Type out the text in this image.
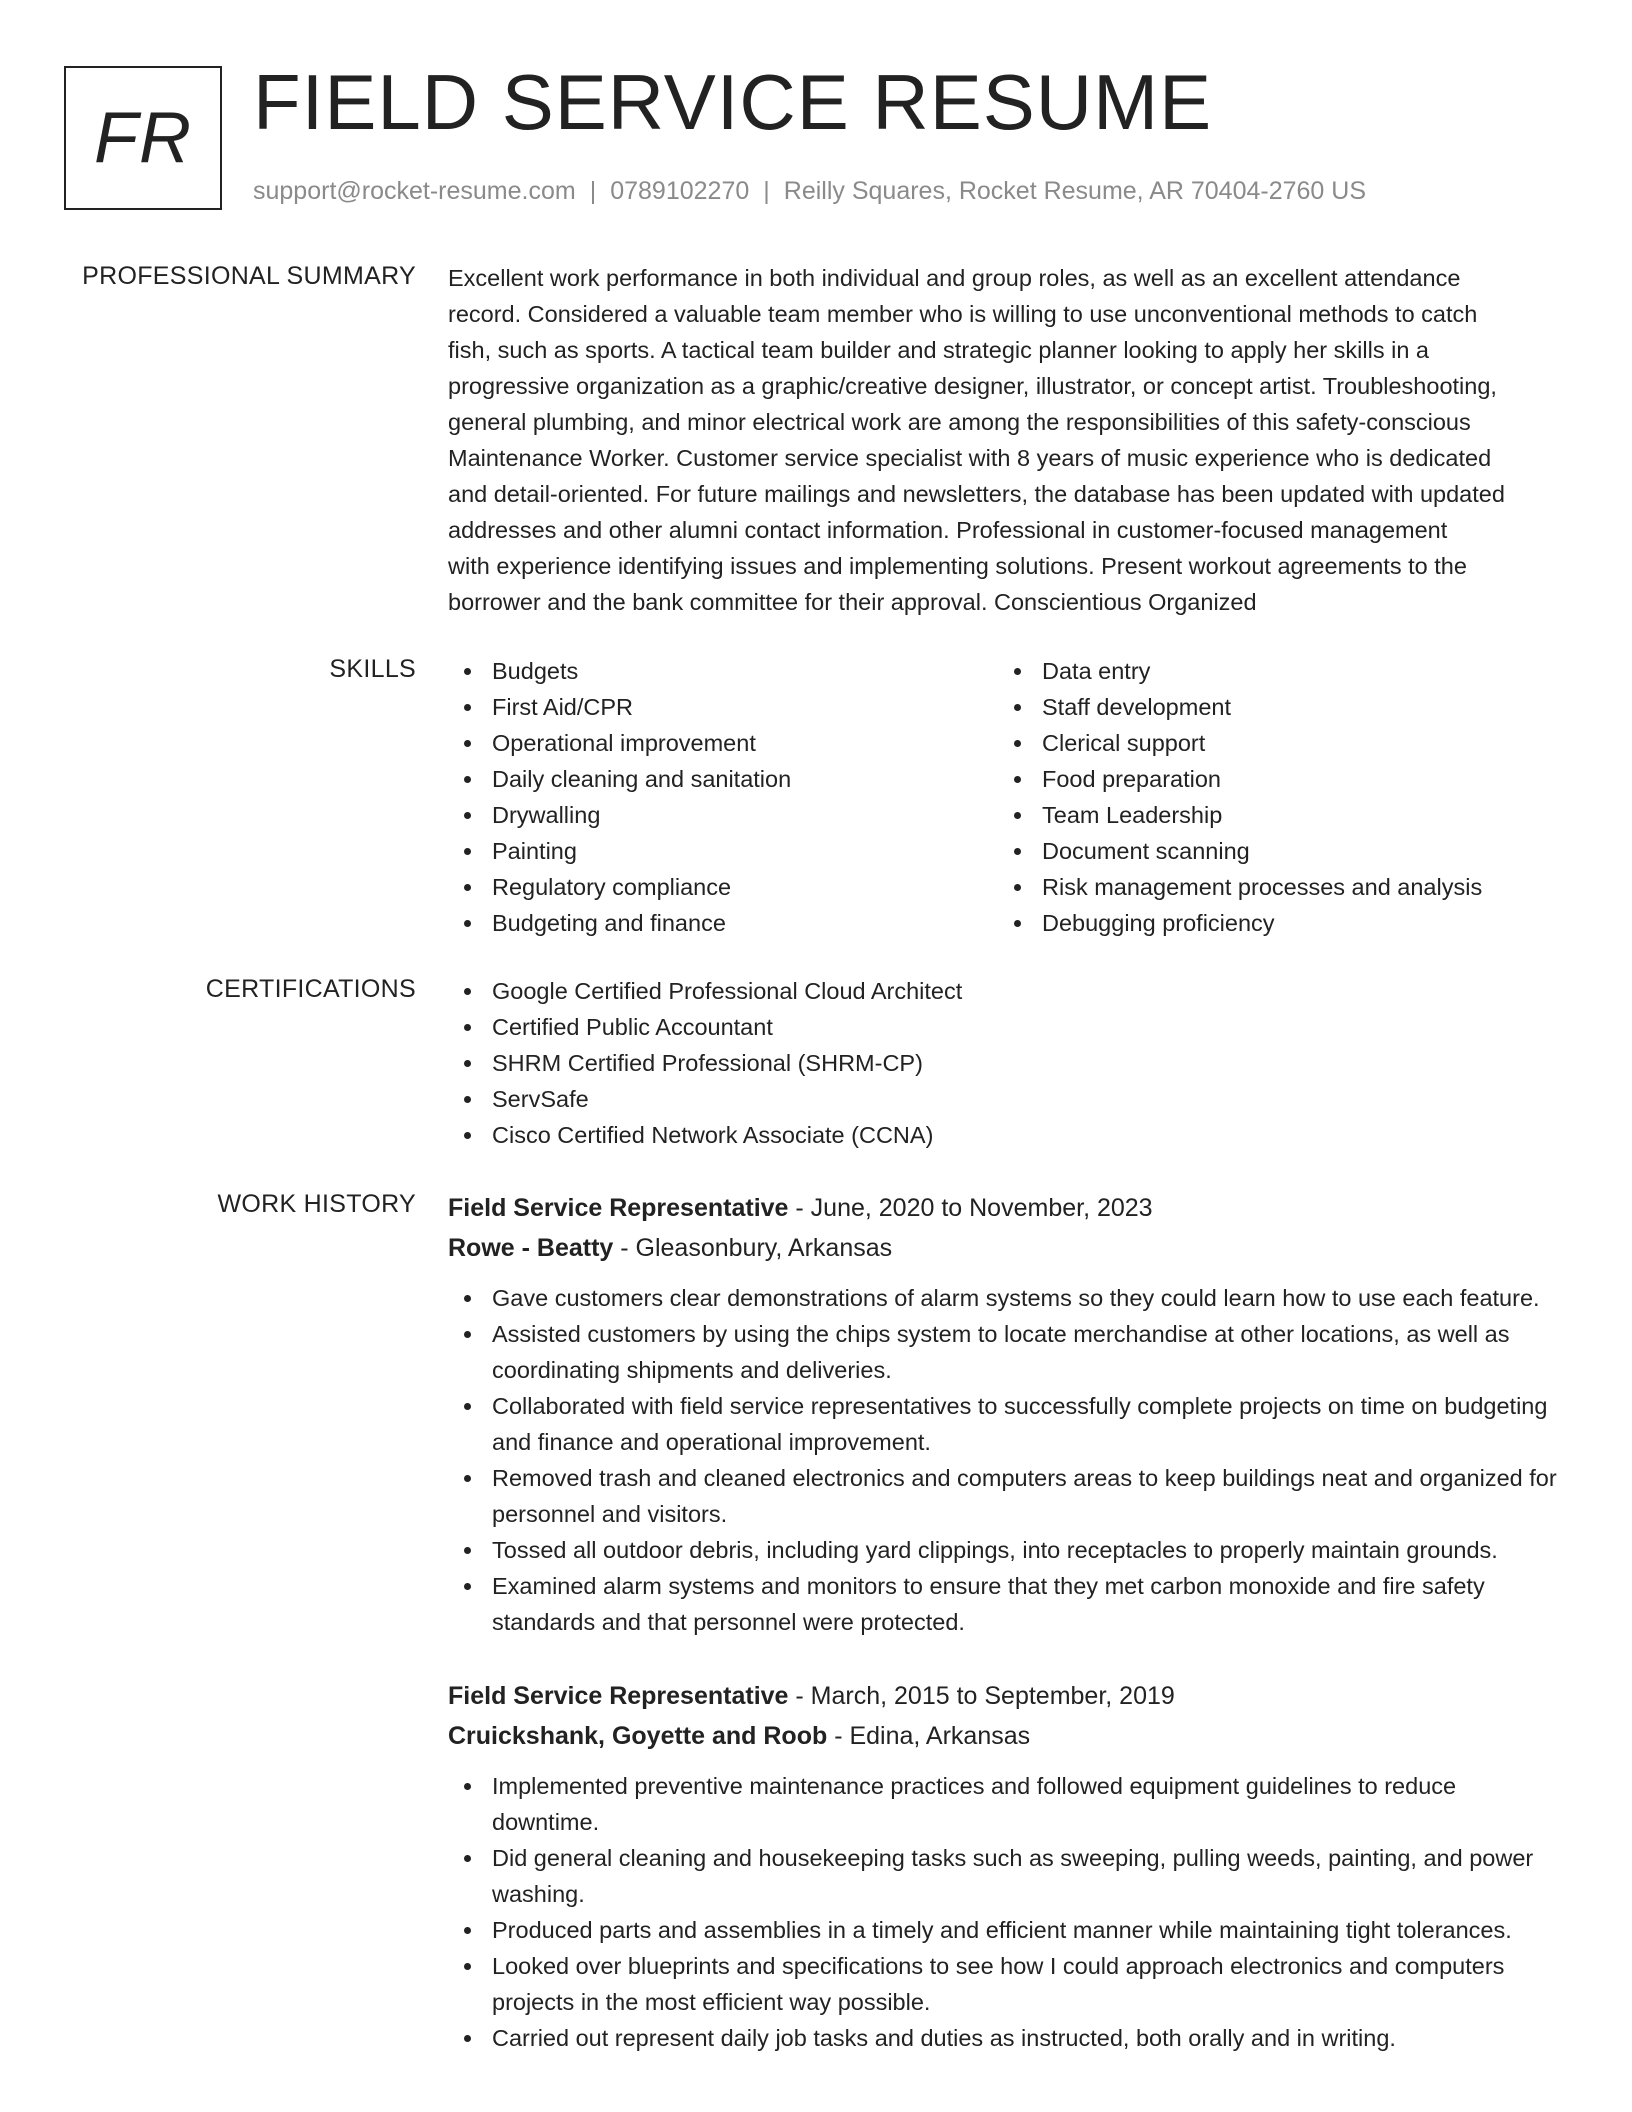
FR FIELD SERVICE RESUME
support@rocket-resume.com | 0789102270 | Reilly Squares, Rocket Resume, AR 70404-2760 US
PROFESSIONAL SUMMARY Excellent work performance in both individual and group roles, as well as an excellent attendance
record. Considered a valuable team member who is willing to use unconventional methods to catch
fish, such as sports. A tactical team builder and strategic planner looking to apply her skills in a
progressive organization as a graphic/creative designer, illustrator, or concept artist. Troubleshooting,
general plumbing, and minor electrical work are among the responsibilities of this safety-conscious
Maintenance Worker. Customer service specialist with 8 years of music experience who is dedicated
and detail-oriented. For future mailings and newsletters, the database has been updated with updated
addresses and other alumni contact information. Professional in customer-focused management
with experience identifying issues and implementing solutions. Present workout agreements to the
borrower and the bank committee for their approval. Conscientious Organized
SKILLS	Budgets
First Aid/CPR
Operational improvement
Daily cleaning and sanitation
Drywalling
Painting
Regulatory compliance
Budgeting and finance
Data entry
Staff development
Clerical support
Food preparation
Team Leadership
Document scanning
Risk management processes and analysis
Debugging proficiency
CERTIFICATIONS	Google Certified Professional Cloud Architect
Certified Public Accountant
SHRM Certified Professional (SHRM-CP)
ServSafe
Cisco Certified Network Associate (CCNA)
WORK HISTORY Field Service Representative - June, 2020 to November, 2023
Rowe - Beatty - Gleasonbury, Arkansas
Gave customers clear demonstrations of alarm systems so they could learn how to use each feature.
Assisted customers by using the chips system to locate merchandise at other locations, as well as coordinating shipments and deliveries.
Collaborated with field service representatives to successfully complete projects on time on budgeting and finance and operational improvement.
Removed trash and cleaned electronics and computers areas to keep buildings neat and organized for personnel and visitors.
Tossed all outdoor debris, including yard clippings, into receptacles to properly maintain grounds.
Examined alarm systems and monitors to ensure that they met carbon monoxide and fire safety standards and that personnel were protected.
Field Service Representative - March, 2015 to September, 2019
Cruickshank, Goyette and Roob - Edina, Arkansas
Implemented preventive maintenance practices and followed equipment guidelines to reduce downtime.
Did general cleaning and housekeeping tasks such as sweeping, pulling weeds, painting, and power washing.
Produced parts and assemblies in a timely and efficient manner while maintaining tight tolerances.
Looked over blueprints and specifications to see how I could approach electronics and computers projects in the most efficient way possible.
Carried out represent daily job tasks and duties as instructed, both orally and in writing.
